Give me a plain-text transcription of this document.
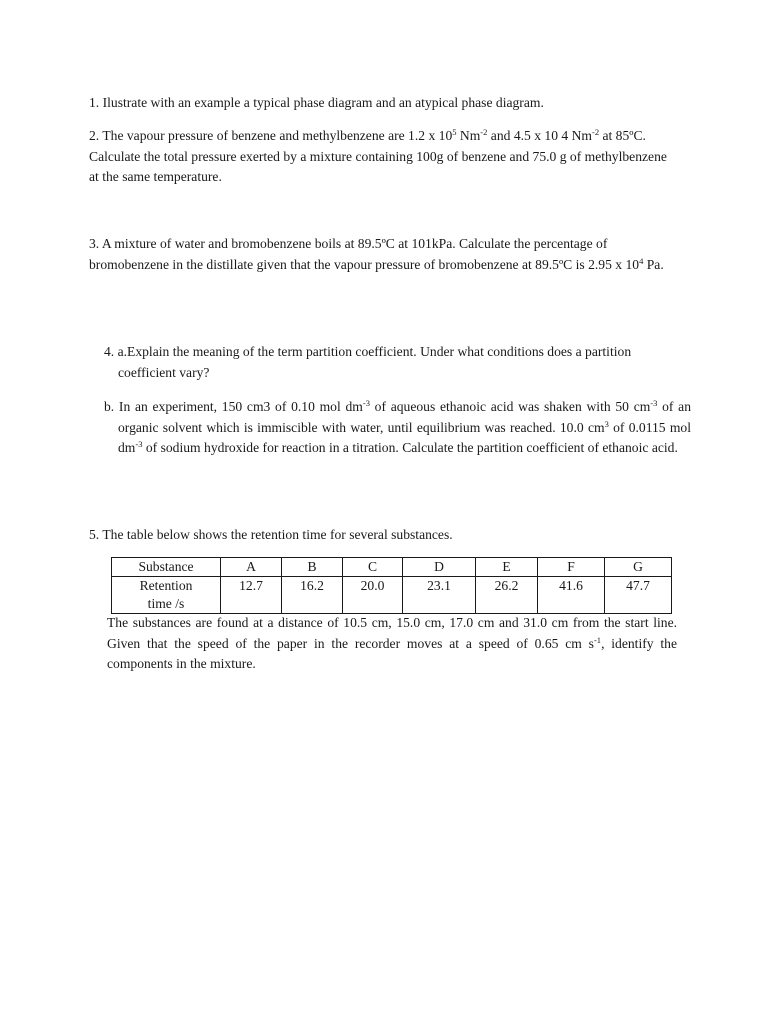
1. Ilustrate with an example a typical phase diagram and an atypical phase diagram.

2. The vapour pressure of benzene and methylbenzene are 1.2 x $10^5$ $Nm^{-2}$ and 4.5 x 10 4 $Nm^{-2}$ at 85ºC. Calculate the total pressure exerted by a mixture containing 100g of benzene and 75.0 g of methylbenzene at the same temperature.

3. A mixture of water and bromobenzene boils at 89.5ºC at 101kPa. Calculate the percentage of bromobenzene in the distillate given that the vapour pressure of bromobenzene at 89.5ºC is 2.95 x $10^4$ Pa.

4. a.Explain the meaning of the term partition coefficient. Under what conditions does a partition coefficient vary?

b. In an experiment, 150 cm3 of 0.10 mol $dm^{-3}$ of aqueous ethanoic acid was shaken with 50 $cm^{-3}$ of an organic solvent which is immiscible with water, until equilibrium was reached. 10.0 $cm^3$ of 0.0115 mol $dm^{-3}$ of sodium hydroxide for reaction in a titration. Calculate the partition coefficient of ethanoic acid.

5. The table below shows the retention time for several substances.

Substance	A	B	C	D	E	F	G
Retention
time /s	12.7	16.2	20.0	23.1	26.2	41.6	47.7
The substances are found at a distance of 10.5 cm, 15.0 cm, 17.0 cm and 31.0 cm from the start line. Given that the speed of the paper in the recorder moves at a speed of 0.65 cm $s^{-1}$, identify the components in the mixture.
